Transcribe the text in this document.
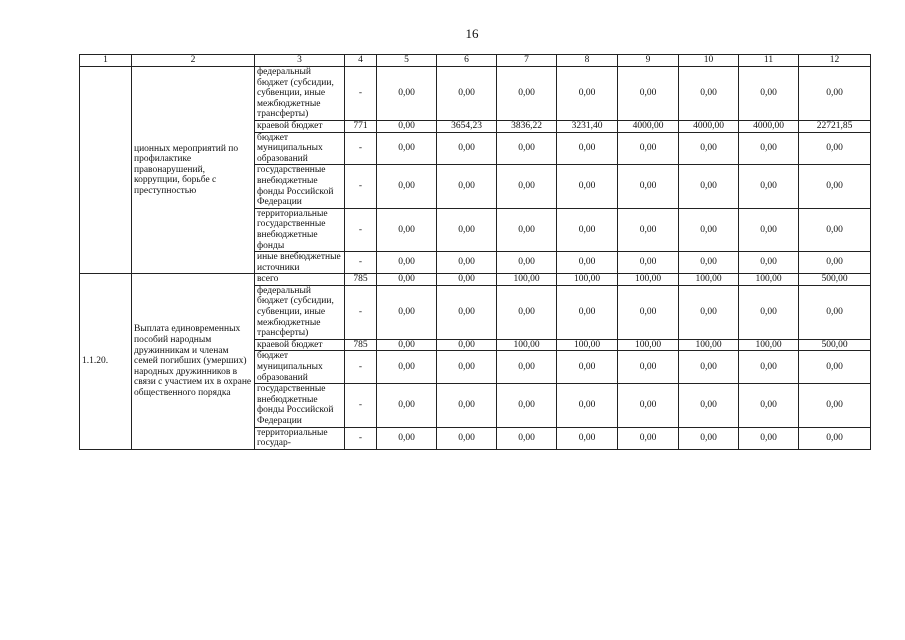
16
1	2	3	4	5	6	7	8	9	10	11	12
	ционных мероприятий по профилактике правонарушений, коррупции, борьбе с преступностью	федеральный бюджет (субсидии, субвенции, иные межбюджетные трансферты)	-	0,00	0,00	0,00	0,00	0,00	0,00	0,00	0,00
		краевой бюджет	771	0,00	3654,23	3836,22	3231,40	4000,00	4000,00	4000,00	22721,85
		бюджет муниципальных образований	-	0,00	0,00	0,00	0,00	0,00	0,00	0,00	0,00
		государственные внебюджетные фонды Российской Федерации	-	0,00	0,00	0,00	0,00	0,00	0,00	0,00	0,00
		территориальные государственные внебюджетные фонды	-	0,00	0,00	0,00	0,00	0,00	0,00	0,00	0,00
		иные внебюджетные источники	-	0,00	0,00	0,00	0,00	0,00	0,00	0,00	0,00
1.1.20.	Выплата единовременных пособий народным дружинникам и членам семей погибших (умерших) народных дружинников в связи с участием их в охране общественного порядка	всего	785	0,00	0,00	100,00	100,00	100,00	100,00	100,00	500,00
		федеральный бюджет (субсидии, субвенции, иные межбюджетные трансферты)	-	0,00	0,00	0,00	0,00	0,00	0,00	0,00	0,00
		краевой бюджет	785	0,00	0,00	100,00	100,00	100,00	100,00	100,00	500,00
		бюджет муниципальных образований	-	0,00	0,00	0,00	0,00	0,00	0,00	0,00	0,00
		государственные внебюджетные фонды Российской Федерации	-	0,00	0,00	0,00	0,00	0,00	0,00	0,00	0,00
		территориальные государ-	-	0,00	0,00	0,00	0,00	0,00	0,00	0,00	0,00
